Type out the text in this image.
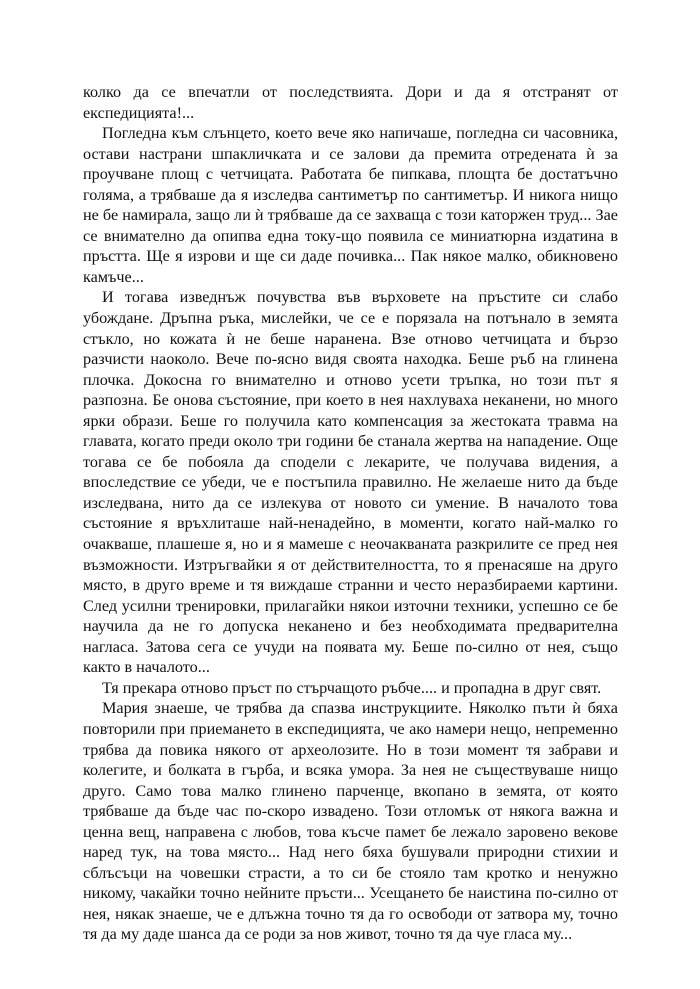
колко да се впечатли от последствията. Дори и да я отстранят от експедицията!...

Погледна към слънцето, което вече яко напичаше, погледна си часовника, остави настрани шпакличката и се залови да премита отредената ѝ за проучване площ с четчицата. Работата бе пипкава, площта бе достатъчно голяма, а трябваше да я изследва сантиметър по сантиметър. И никога нищо не бе намирала, защо ли ѝ трябваше да се захваща с този каторжен труд... Зае се внимателно да опипва една току-що появила се миниатюрна издатина в пръстта. Ще я изрови и ще си даде почивка... Пак някое малко, обикновено камъче...

И тогава изведнъж почувства във върховете на пръстите си слабо убождане. Дръпна ръка, мислейки, че се е порязала на потънало в земята стъкло, но кожата ѝ не беше наранена. Взе отново четчицата и бързо разчисти наоколо. Вече по-ясно видя своята находка. Беше ръб на глинена плочка. Докосна го внимателно и отново усети тръпка, но този път я разпозна. Бе онова състояние, при което в нея нахлуваха неканени, но много ярки образи. Беше го получила като компенсация за жестоката травма на главата, когато преди около три години бе станала жертва на нападение. Още тогава се бе побояла да сподели с лекарите, че получава видения, а впоследствие се убеди, че е постъпила правилно. Не желаеше нито да бъде изследвана, нито да се излекува от новото си умение. В началото това състояние я връхлиташе най-ненадейно, в моменти, когато най-малко го очакваше, плашеше я, но и я мамеше с неочакваната разкрилите се пред нея възможности. Изтръгвайки я от действителността, то я пренасяше на друго място, в друго време и тя виждаше странни и често неразбираеми картини. След усилни тренировки, прилагайки някои източни техники, успешно се бе научила да не го допуска неканено и без необходимата предварителна нагласа. Затова сега се учуди на появата му. Беше по-силно от нея, също както в началото...

Тя прекара отново пръст по стърчащото ръбче.... и пропадна в друг свят.

Мария знаеше, че трябва да спазва инструкциите. Няколко пъти ѝ бяха повторили при приемането в експедицията, че ако намери нещо, непременно трябва да повика някого от археолозите. Но в този момент тя забрави и колегите, и болката в гърба, и всяка умора. За нея не съществуваше нищо друго. Само това малко глинено парченце, вкопано в земята, от която трябваше да бъде час по-скоро извадено. Този отломък от някога важна и ценна вещ, направена с любов, това късче памет бе лежало заровено векове наред тук, на това място... Над него бяха бушували природни стихии и сблъсъци на човешки страсти, а то си бе стояло там кротко и ненужно никому, чакайки точно нейните пръсти... Усещането бе наистина по-силно от нея, някак знаеше, че е длъжна точно тя да го освободи от затвора му, точно тя да му даде шанса да се роди за нов живот, точно тя да чуе гласа му...
